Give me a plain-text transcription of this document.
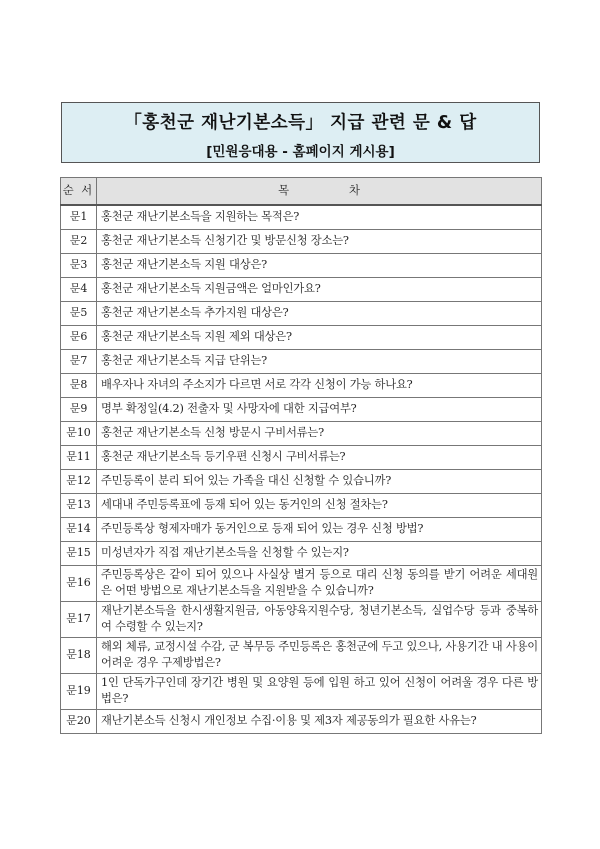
「홍천군 재난기본소득」 지급 관련 문 & 답
[민원응대용 - 홈페이지 게시용]
순 서	목차
문1	홍천군 재난기본소득을 지원하는 목적은?
문2	홍천군 재난기본소득 신청기간 및 방문신청 장소는?
문3	홍천군 재난기본소득 지원 대상은?
문4	홍천군 재난기본소득 지원금액은 얼마인가요?
문5	홍천군 재난기본소득 추가지원 대상은?
문6	홍천군 재난기본소득 지원 제외 대상은?
문7	홍천군 재난기본소득 지급 단위는?
문8	배우자나 자녀의 주소지가 다르면 서로 각각 신청이 가능 하나요?
문9	명부 확정일(4.2) 전출자 및 사망자에 대한 지급여부?
문10	홍천군 재난기본소득 신청 방문시 구비서류는?
문11	홍천군 재난기본소득 등기우편 신청시 구비서류는?
문12	주민등록이 분리 되어 있는 가족을 대신 신청할 수 있습니까?
문13	세대내 주민등록표에 등재 되어 있는 동거인의 신청 절차는?
문14	주민등록상 형제자매가 동거인으로 등재 되어 있는 경우 신청 방법?
문15	미성년자가 직접 재난기본소득을 신청할 수 있는지?
문16	주민등록상은 같이 되어 있으나 사실상 별거 등으로 대리 신청 동의를 받기 어려운 세대원은 어떤 방법으로 재난기본소득을 지원받을 수 있습니까?
문17	재난기본소득을 한시생활지원금, 아동양육지원수당, 청년기본소득, 실업수당 등과 중복하여 수령할 수 있는지?
문18	해외 체류, 교정시설 수감, 군 복무등 주민등록은 홍천군에 두고 있으나, 사용기간 내 사용이 어려운 경우 구제방법은?
문19	1인 단독가구인데 장기간 병원 및 요양원 등에 입원 하고 있어 신청이 어려울 경우 다른 방법은?
문20	재난기본소득 신청시 개인정보 수집·이용 및 제3자 제공동의가 필요한 사유는?
